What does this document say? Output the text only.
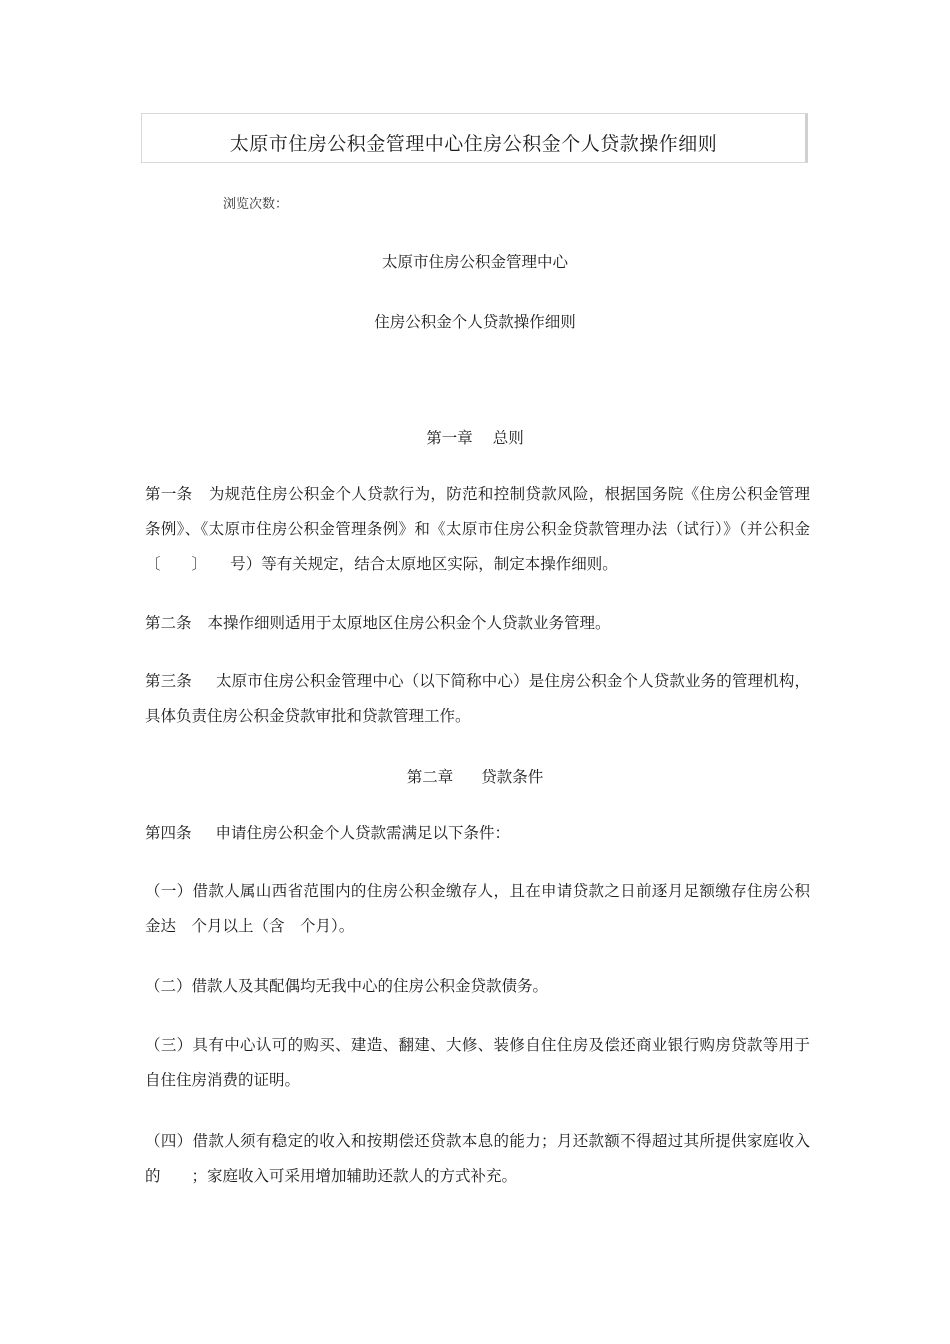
太原市住房公积金管理中心住房公积金个人贷款操作细则
浏览次数：
太原市住房公积金管理中心
住房公积金个人贷款操作细则
第一章 总则
第一条 为规范住房公积金个人贷款行为，防范和控制贷款风险，根据国务院《住房公积金管理条例》、《太原市住房公积金管理条例》和《太原市住房公积金贷款管理办法（试行）》（并公积金〔　　〕　　号）等有关规定，结合太原地区实际，制定本操作细则。
第二条 本操作细则适用于太原地区住房公积金个人贷款业务管理。
第三条 太原市住房公积金管理中心（以下简称中心）是住房公积金个人贷款业务的管理机构，具体负责住房公积金贷款审批和贷款管理工作。
第二章 贷款条件
第四条 申请住房公积金个人贷款需满足以下条件：
（一）借款人属山西省范围内的住房公积金缴存人，且在申请贷款之日前逐月足额缴存住房公积金达　个月以上（含　个月）。
（二）借款人及其配偶均无我中心的住房公积金贷款债务。
（三）具有中心认可的购买、建造、翻建、大修、装修自住住房及偿还商业银行购房贷款等用于自住住房消费的证明。
（四）借款人须有稳定的收入和按期偿还贷款本息的能力；月还款额不得超过其所提供家庭收入的　　；家庭收入可采用增加辅助还款人的方式补充。
